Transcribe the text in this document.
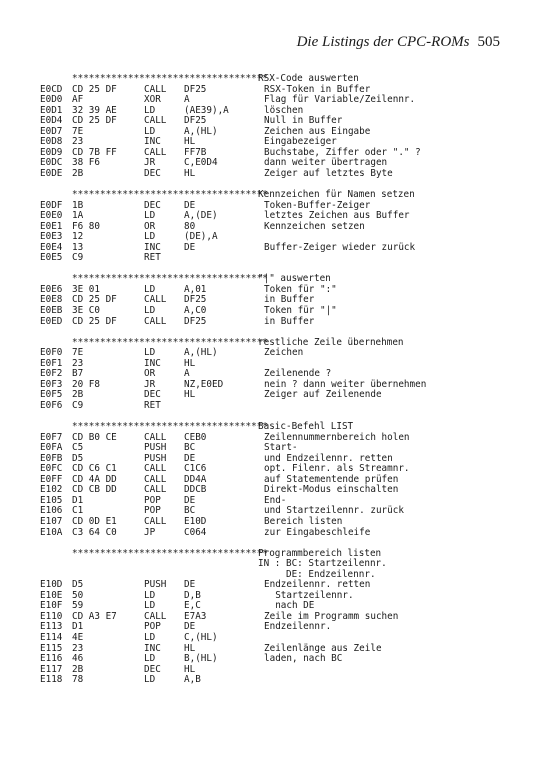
Die Listings der CPC-ROMs 505
***********************************
RSX-Code auswerten
E0CD CD 25 DF	CALL DF25	RSX-Token in Buffer
E0D0 AF	XOR A	Flag für Variable/Zeilennr.
E0D1 32 39 AE	LD	(AE39),A	löschen
E0D4 CD 25 DF	CALL DF25	Null in Buffer
E0D7 7E	LD	A,(HL)	Zeichen aus Eingabe
E0D8 23	INC HL	Eingabezeiger
E0D9 CD 7B FF	CALL FF7B	Buchstabe, Ziffer oder "." ?
E0DC 38 F6	JR	C,E0D4	dann weiter übertragen
E0DE 2B	DEC HL	Zeiger auf letztes Byte
***********************************
Kennzeichen für Namen setzen
E0DF 1B	DEC DE	Token-Buffer-Zeiger
E0E0 1A	LD	A,(DE)	letztes Zeichen aus Buffer
E0E1 F6 80	OR	80	Kennzeichen setzen
E0E3 12	LD	(DE),A
E0E4 13	INC DE	Buffer-Zeiger wieder zurück
E0E5 C9	RET
***********************************
"|" auswerten
E0E6 3E 01	LD	A,01	Token für ":"
E0E8 CD 25 DF	CALL DF25	in Buffer
E0EB 3E C0	LD	A,C0	Token für "|"
E0ED CD 25 DF	CALL DF25	in Buffer
***********************************
restliche Zeile übernehmen
E0F0 7E	LD	A,(HL)	Zeichen
E0F1 23	INC HL
E0F2 B7	OR	A	Zeilenende ?
E0F3 20 F8	JR	NZ,E0ED	nein ? dann weiter übernehmen
E0F5 2B	DEC HL	Zeiger auf Zeilenende
E0F6 C9	RET
***********************************
Basic-Befehl LIST
E0F7 CD B0 CE	CALL CEB0	Zeilennummernbereich holen
E0FA C5	PUSH BC	Start-
E0FB D5	PUSH DE	und Endzeilennr. retten
E0FC CD C6 C1	CALL C1C6	opt. Filenr. als Streamnr.
E0FF CD 4A DD	CALL DD4A	auf Statementende prüfen
E102 CD CB DD	CALL DDCB	Direkt-Modus einschalten
E105 D1	POP DE	End-
E106 C1	POP BC	und Startzeilennr. zurück
E107 CD 0D E1	CALL E10D	Bereich listen
E10A C3 64 C0	JP	C064	zur Eingabeschleife
***********************************
Programmbereich listen
IN : BC: Startzeilennr.
DE: Endzeilennr.
E10D D5	PUSH DE	Endzeilennr. retten
E10E 50	LD	D,B	Startzeilennr.
E10F 59	LD	E,C	nach DE
E110 CD A3 E7	CALL E7A3	Zeile im Programm suchen
E113 D1	POP DE	Endzeilennr.
E114 4E	LD	C,(HL)
E115 23	INC HL	Zeilenlänge aus Zeile
E116 46	LD	B,(HL)	laden, nach BC
E117 2B	DEC HL
E118 78	LD	A,B
